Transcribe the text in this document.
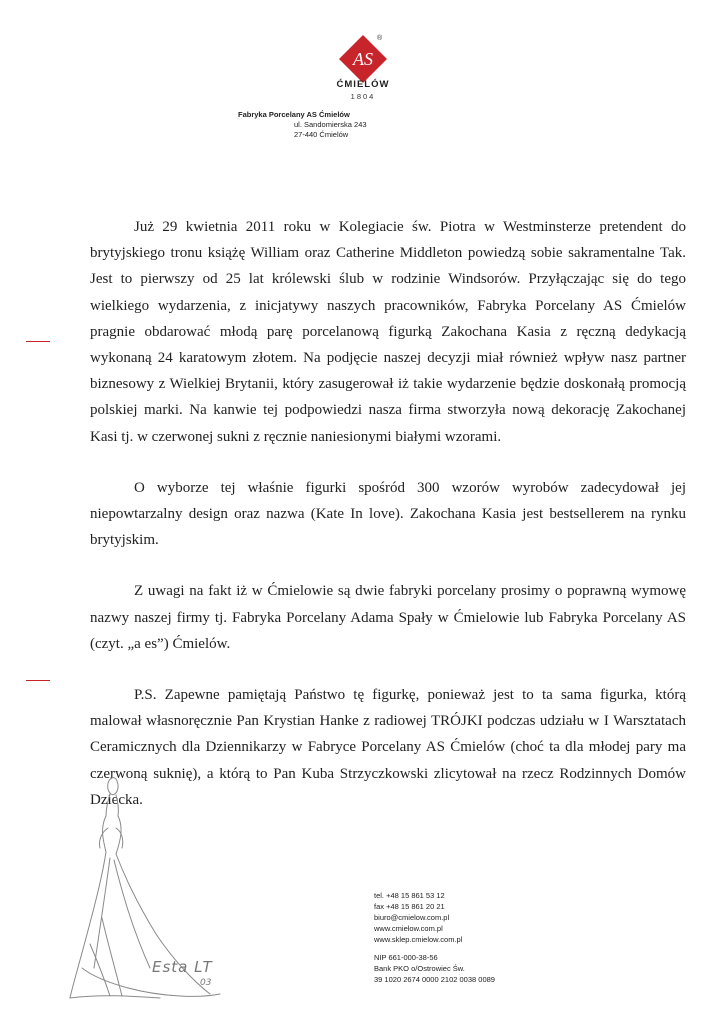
AS
®
ĆMIELÓW
1804
Fabryka Porcelany AS Ćmielów
ul. Sandomierska 243
27-440 Ćmielów

Już 29 kwietnia 2011 roku w Kolegiacie św. Piotra w Westminsterze pretendent do brytyjskiego tronu książę William oraz Catherine Middleton powiedzą sobie sakramentalne Tak. Jest to pierwszy od 25 lat królewski ślub w rodzinie Windsorów. Przyłączając się do tego wielkiego wydarzenia, z inicjatywy naszych pracowników, Fabryka Porcelany AS Ćmielów pragnie obdarować młodą parę porcelanową figurką Zakochana Kasia z ręczną dedykacją wykonaną 24 karatowym złotem. Na podjęcie naszej decyzji miał również wpływ nasz partner biznesowy z Wielkiej Brytanii, który zasugerował iż takie wydarzenie będzie doskonałą promocją polskiej marki. Na kanwie tej podpowiedzi nasza firma stworzyła nową dekorację Zakochanej Kasi tj. w czerwonej sukni z ręcznie naniesionymi białymi wzorami.

O wyborze tej właśnie figurki spośród 300 wzorów wyrobów zadecydował jej niepowtarzalny design oraz nazwa (Kate In love). Zakochana Kasia jest bestsellerem na rynku brytyjskim.

Z uwagi na fakt iż w Ćmielowie są dwie fabryki porcelany prosimy o poprawną wymowę nazwy naszej firmy tj. Fabryka Porcelany Adama Spały w Ćmielowie lub Fabryka Porcelany AS (czyt. „a es”) Ćmielów.

P.S. Zapewne pamiętają Państwo tę figurkę, ponieważ jest to ta sama figurka, którą malował własnoręcznie Pan Krystian Hanke z radiowej TRÓJKI podczas udziału w I Warsztatach Ceramicznych dla Dziennikarzy w Fabryce Porcelany AS Ćmielów (choć ta dla młodej pary ma czerwoną suknię), a którą to Pan Kuba Strzyczkowski zlicytował na rzecz Rodzinnych Domów Dziecka.

Esta LT
03
tel. +48 15 861 53 12
fax +48 15 861 20 21
biuro@cmielow.com.pl
www.cmielow.com.pl
www.sklep.cmielow.com.pl
NIP 661-000-38-56
Bank PKO o/Ostrowiec Św.
39 1020 2674 0000 2102 0038 0089
